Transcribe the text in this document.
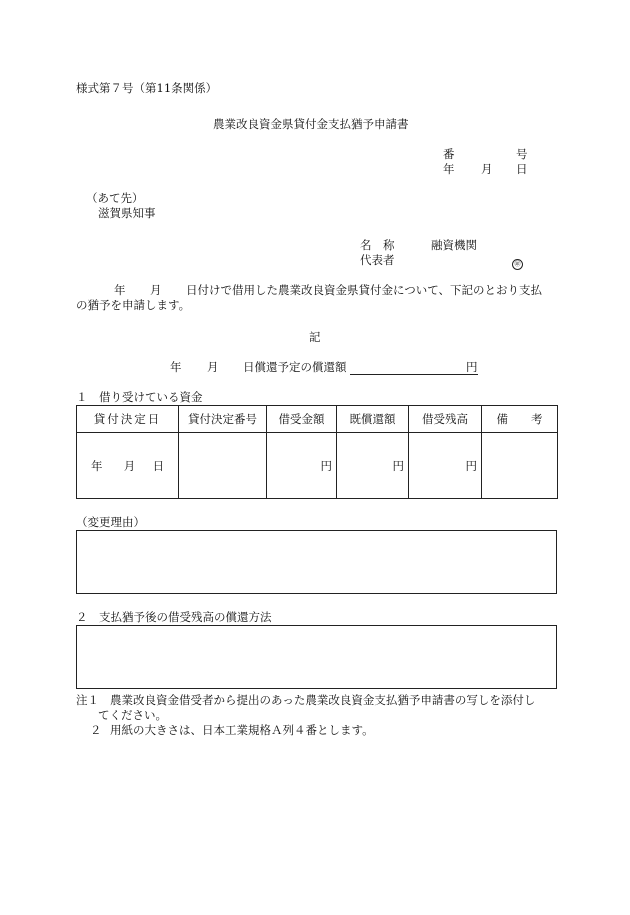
様式第７号（第11条関係）
農業改良資金県貸付金支払猶予申請書
番	号
年 月 日
（あて先）
滋賀県知事
名　称	融資機関
代表者	㊞
年 月 日付けで借用した農業改良資金県貸付金について、下記のとおり支払
の猶予を申請します。
記
年 月 日償還予定の償還額	円
１　借り受けている資金
貸付決定日	貸付決定番号	借受金額	既償還額	借受残高	備　　考
年 月 日		円	円	円	
（変更理由）
２　支払猶予後の借受残高の償還方法
注１ 農業改良資金借受者から提出のあった農業改良資金支払猶予申請書の写しを添付し
てください。
２ 用紙の大きさは、日本工業規格Ａ列４番とします。
